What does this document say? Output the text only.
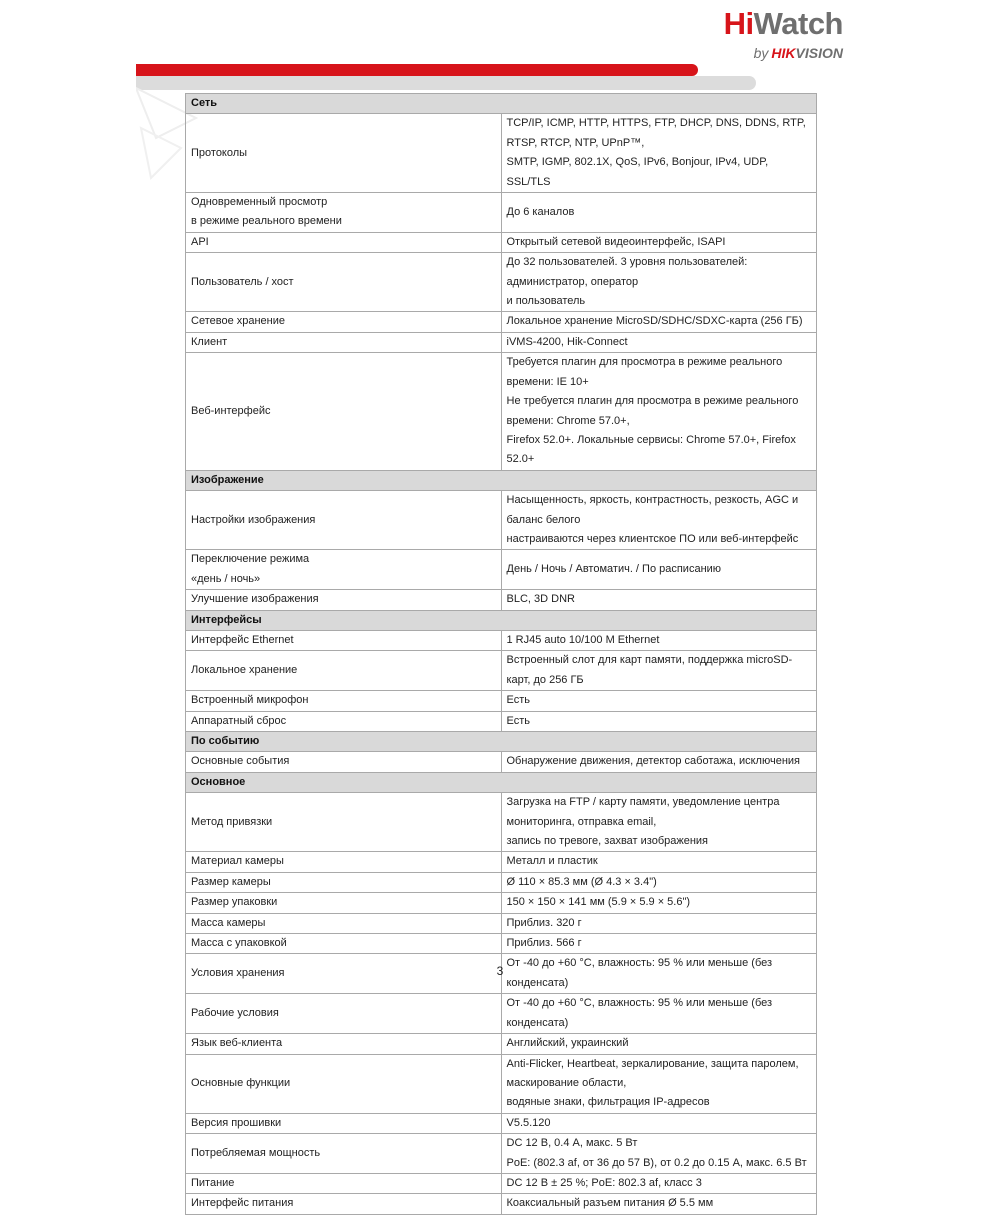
HiWatch
by HIKVISION
Сеть	

Протоколы	TCP/IP, ICMP, HTTP, HTTPS, FTP, DHCP, DNS, DDNS, RTP, RTSP, RTCP, NTP, UPnP™,
SMTP, IGMP, 802.1X, QoS, IPv6, Bonjour, IPv4, UDP, SSL/TLS

Одновременный просмотр
в режиме реального времени	До 6 каналов

API	Открытый сетевой видеоинтерфейс, ISAPI

Пользователь / хост	До 32 пользователей. 3 уровня пользователей: администратор, оператор
и пользователь

Сетевое хранение	Локальное хранение MicroSD/SDHC/SDXC-карта (256 ГБ)

Клиент	iVMS-4200, Hik-Connect

Веб-интерфейс	Требуется плагин для просмотра в режиме реального времени: IE 10+
Не требуется плагин для просмотра в режиме реального времени: Chrome 57.0+,
Firefox 52.0+. Локальные сервисы: Chrome 57.0+, Firefox 52.0+

Изображение	

Настройки изображения	Насыщенность, яркость, контрастность, резкость, AGC и баланс белого
настраиваются через клиентское ПО или веб-интерфейс

Переключение режима
«день / ночь»	День / Ночь / Автоматич. / По расписанию

Улучшение изображения	BLC, 3D DNR

Интерфейсы	

Интерфейс Ethernet	1 RJ45 auto 10/100 M Ethernet

Локальное хранение	Встроенный слот для карт памяти, поддержка microSD-карт, до 256 ГБ

Встроенный микрофон	Есть

Аппаратный сброс	Есть

По событию	

Основные события	Обнаружение движения, детектор саботажа, исключения

Основное	

Метод привязки	Загрузка на FTP / карту памяти, уведомление центра мониторинга, отправка email,
запись по тревоге, захват изображения

Материал камеры	Металл и пластик

Размер камеры	Ø 110 × 85.3 мм (Ø 4.3 × 3.4")

Размер упаковки	150 × 150 × 141 мм (5.9 × 5.9 × 5.6")

Масса камеры	Приблиз. 320 г

Масса с упаковкой	Приблиз. 566 г

Условия хранения	От -40 до +60 °C, влажность: 95 % или меньше (без конденсата)

Рабочие условия	От -40 до +60 °C, влажность: 95 % или меньше (без конденсата)

Язык веб-клиента	Английский, украинский

Основные функции	Anti-Flicker, Heartbeat, зеркалирование, защита паролем, маскирование области,
водяные знаки, фильтрация IP-адресов

Версия прошивки	V5.5.120

Потребляемая мощность	DC 12 В, 0.4 А, макс. 5 Вт
PoE: (802.3 af, от 36 до 57 В), от 0.2 до 0.15 А, макс. 6.5 Вт

Питание	DC 12 В ± 25 %; PoE: 802.3 af, класс 3

Интерфейс питания	Коаксиальный разъем питания Ø 5.5 мм
3
